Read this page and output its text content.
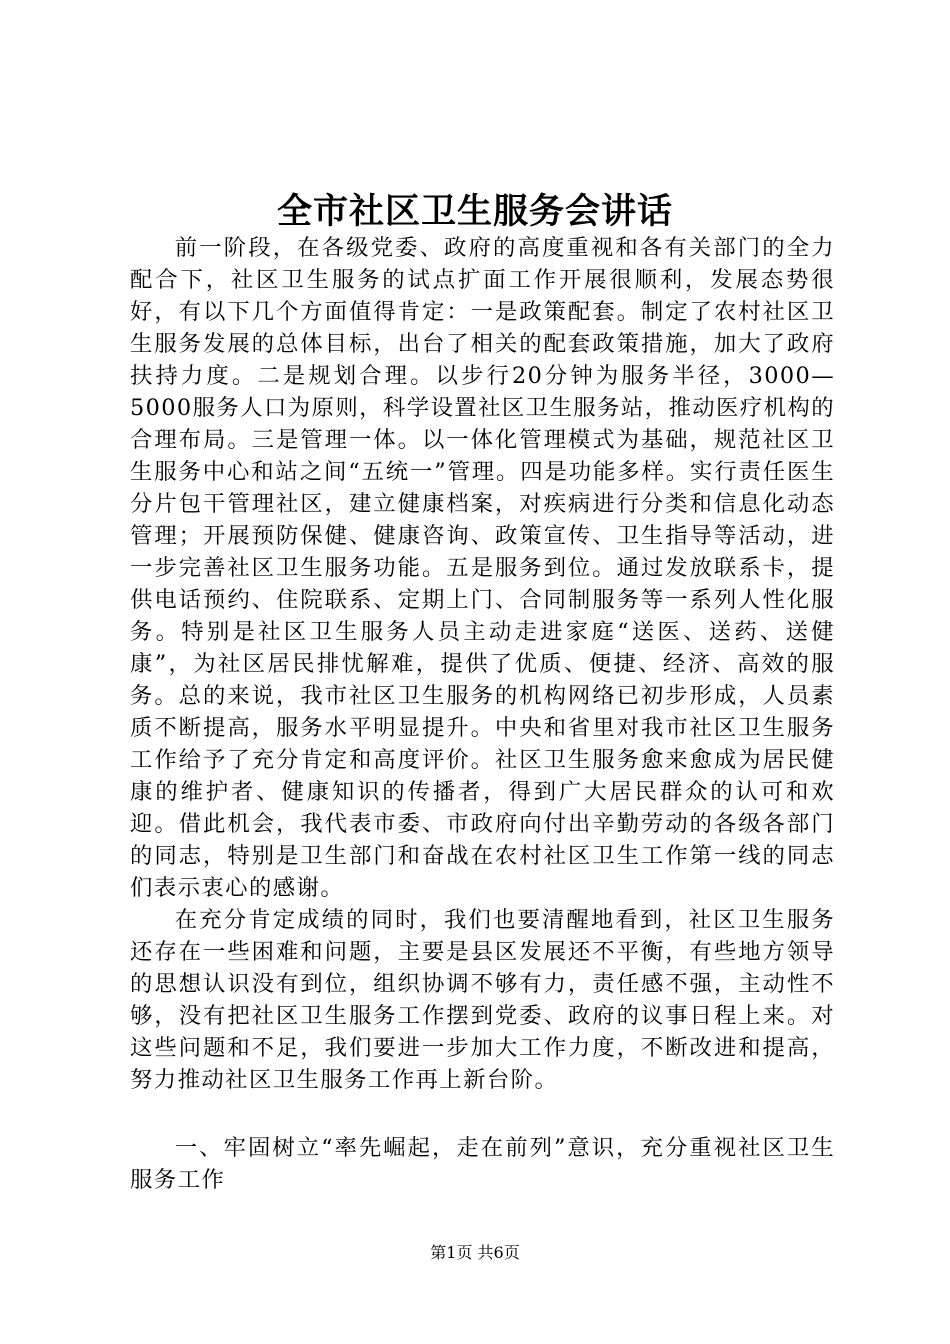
全市社区卫生服务会讲话

前一阶段，在各级党委、政府的高度重视和各有关部门的全力配合下，社区卫生服务的试点扩面工作开展很顺利，发展态势很好，有以下几个方面值得肯定：一是政策配套。制定了农村社区卫生服务发展的总体目标，出台了相关的配套政策措施，加大了政府扶持力度。二是规划合理。以步行20分钟为服务半径，3000—5000服务人口为原则，科学设置社区卫生服务站，推动医疗机构的合理布局。三是管理一体。以一体化管理模式为基础，规范社区卫生服务中心和站之间“五统一”管理。四是功能多样。实行责任医生分片包干管理社区，建立健康档案，对疾病进行分类和信息化动态管理；开展预防保健、健康咨询、政策宣传、卫生指导等活动，进一步完善社区卫生服务功能。五是服务到位。通过发放联系卡，提供电话预约、住院联系、定期上门、合同制服务等一系列人性化服务。特别是社区卫生服务人员主动走进家庭“送医、送药、送健康”，为社区居民排忧解难，提供了优质、便捷、经济、高效的服务。总的来说，我市社区卫生服务的机构网络已初步形成，人员素质不断提高，服务水平明显提升。中央和省里对我市社区卫生服务工作给予了充分肯定和高度评价。社区卫生服务愈来愈成为居民健康的维护者、健康知识的传播者，得到广大居民群众的认可和欢迎。借此机会，我代表市委、市政府向付出辛勤劳动的各级各部门的同志，特别是卫生部门和奋战在农村社区卫生工作第一线的同志们表示衷心的感谢。

在充分肯定成绩的同时，我们也要清醒地看到，社区卫生服务还存在一些困难和问题，主要是县区发展还不平衡，有些地方领导的思想认识没有到位，组织协调不够有力，责任感不强，主动性不够，没有把社区卫生服务工作摆到党委、政府的议事日程上来。对这些问题和不足，我们要进一步加大工作力度，不断改进和提高，努力推动社区卫生服务工作再上新台阶。

一、牢固树立“率先崛起，走在前列”意识，充分重视社区卫生服务工作

第1页 共6页
